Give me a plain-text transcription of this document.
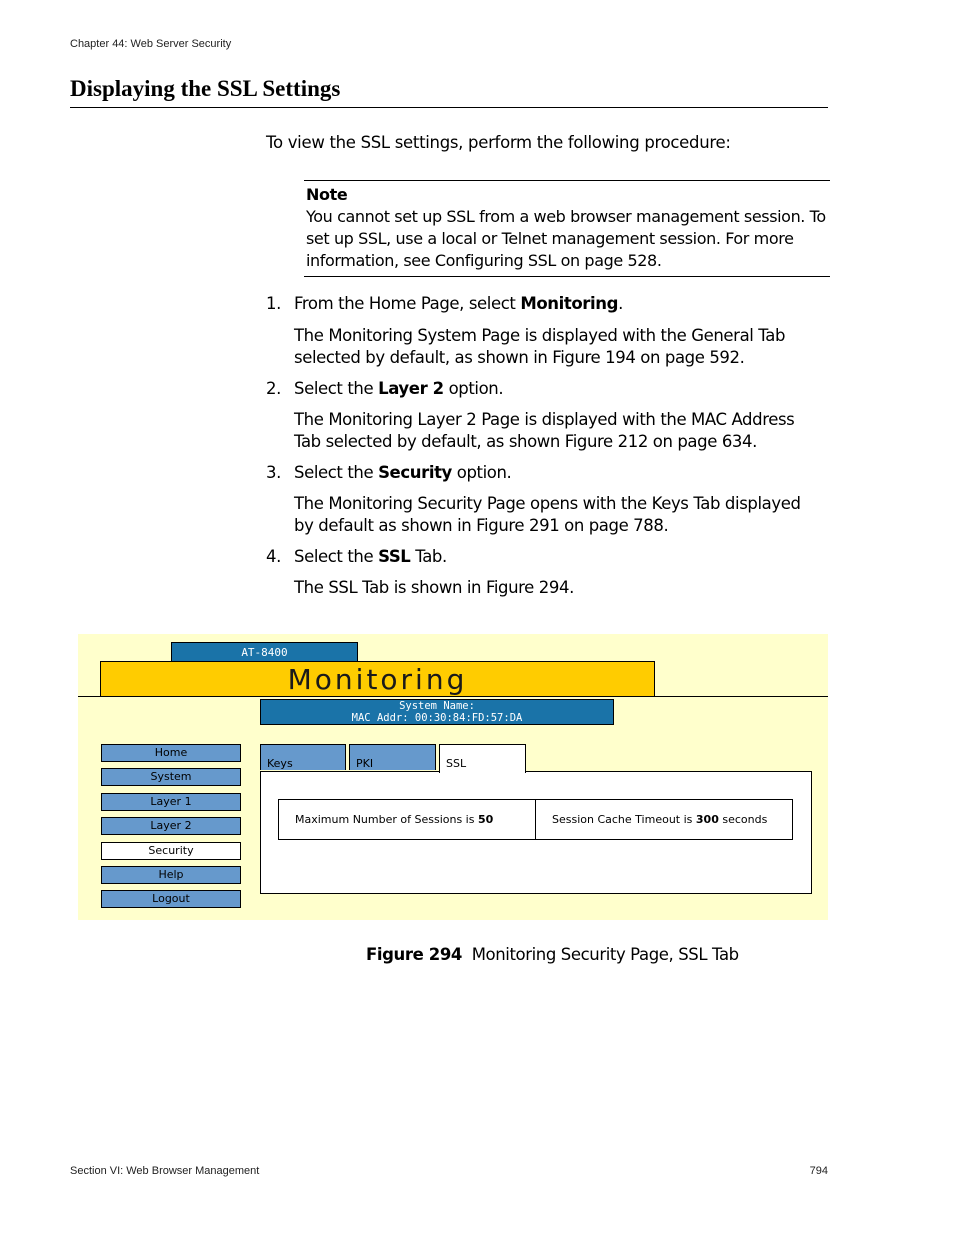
Chapter 44: Web Server Security
Displaying the SSL Settings
To view the SSL settings, perform the following procedure:
Note
You cannot set up SSL from a web browser management session. To
set up SSL, use a local or Telnet management session. For more
information, see Configuring SSL on page 528.
1. From the Home Page, select Monitoring.
The Monitoring System Page is displayed with the General Tab
selected by default, as shown in Figure 194 on page 592.
2. Select the Layer 2 option.
The Monitoring Layer 2 Page is displayed with the MAC Address
Tab selected by default, as shown Figure 212 on page 634.
3. Select the Security option.
The Monitoring Security Page opens with the Keys Tab displayed
by default as shown in Figure 291 on page 788.
4. Select the SSL Tab.
The SSL Tab is shown in Figure 294.
AT-8400
Monitoring
System Name:
MAC Addr: 00:30:84:FD:57:DA
Home
System
Layer 1
Layer 2
Security
Help
Logout
Keys	PKI	SSL
Maximum Number of Sessions is 50	Session Cache Timeout is 300 seconds
Figure 294 Monitoring Security Page, SSL Tab
Section VI: Web Browser Management	794
